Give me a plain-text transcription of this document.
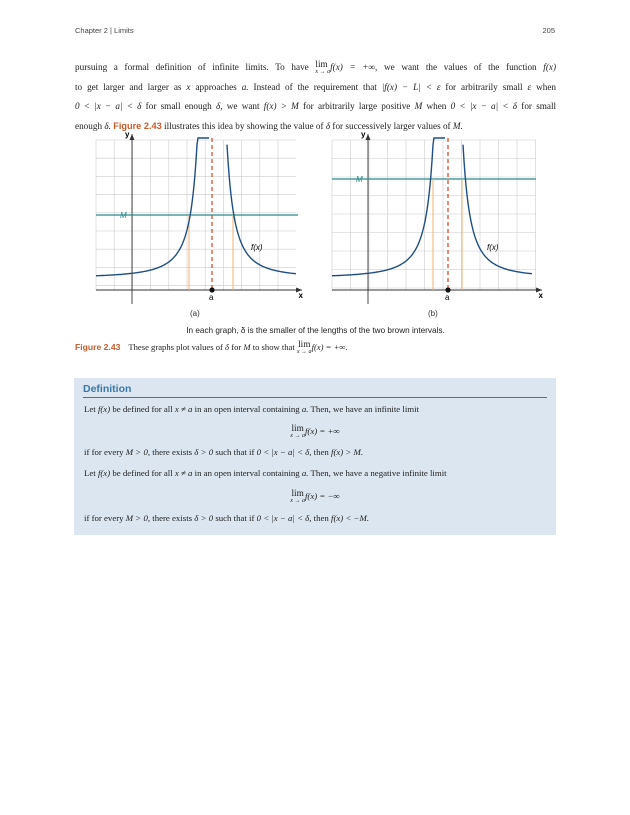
Chapter 2 | Limits	205
pursuing a formal definition of infinite limits. To have lim
x → a f(x) = +∞, we want the values of the function f(x)
to get larger and larger as x approaches a. Instead of the requirement that |f(x) − L| < ε for arbitrarily small ε when
0 < |x − a| < δ for small enough δ, we want f(x) > M for arbitrarily large positive M when 0 < |x − a| < δ for small
enough δ. Figure 2.43 illustrates this idea by showing the value of δ for successively larger values of M.
y
x
a
M
f(x)
y
x
a
M
f(x)
(a)	(b)
In each graph, δ is the smaller of the lengths of the two brown intervals.
Figure 2.43 These graphs plot values of δ for M to show that lim
x → a f(x) = +∞.
Definition
Let f(x) be defined for all x ≠ a in an open interval containing a. Then, we have an infinite limit
lim
x → a f(x) = +∞
if for every M > 0, there exists δ > 0 such that if 0 < |x − a| < δ, then f(x) > M.
Let f(x) be defined for all x ≠ a in an open interval containing a. Then, we have a negative infinite limit
lim
x → a f(x) = −∞
if for every M > 0, there exists δ > 0 such that if 0 < |x − a| < δ, then f(x) < −M.
